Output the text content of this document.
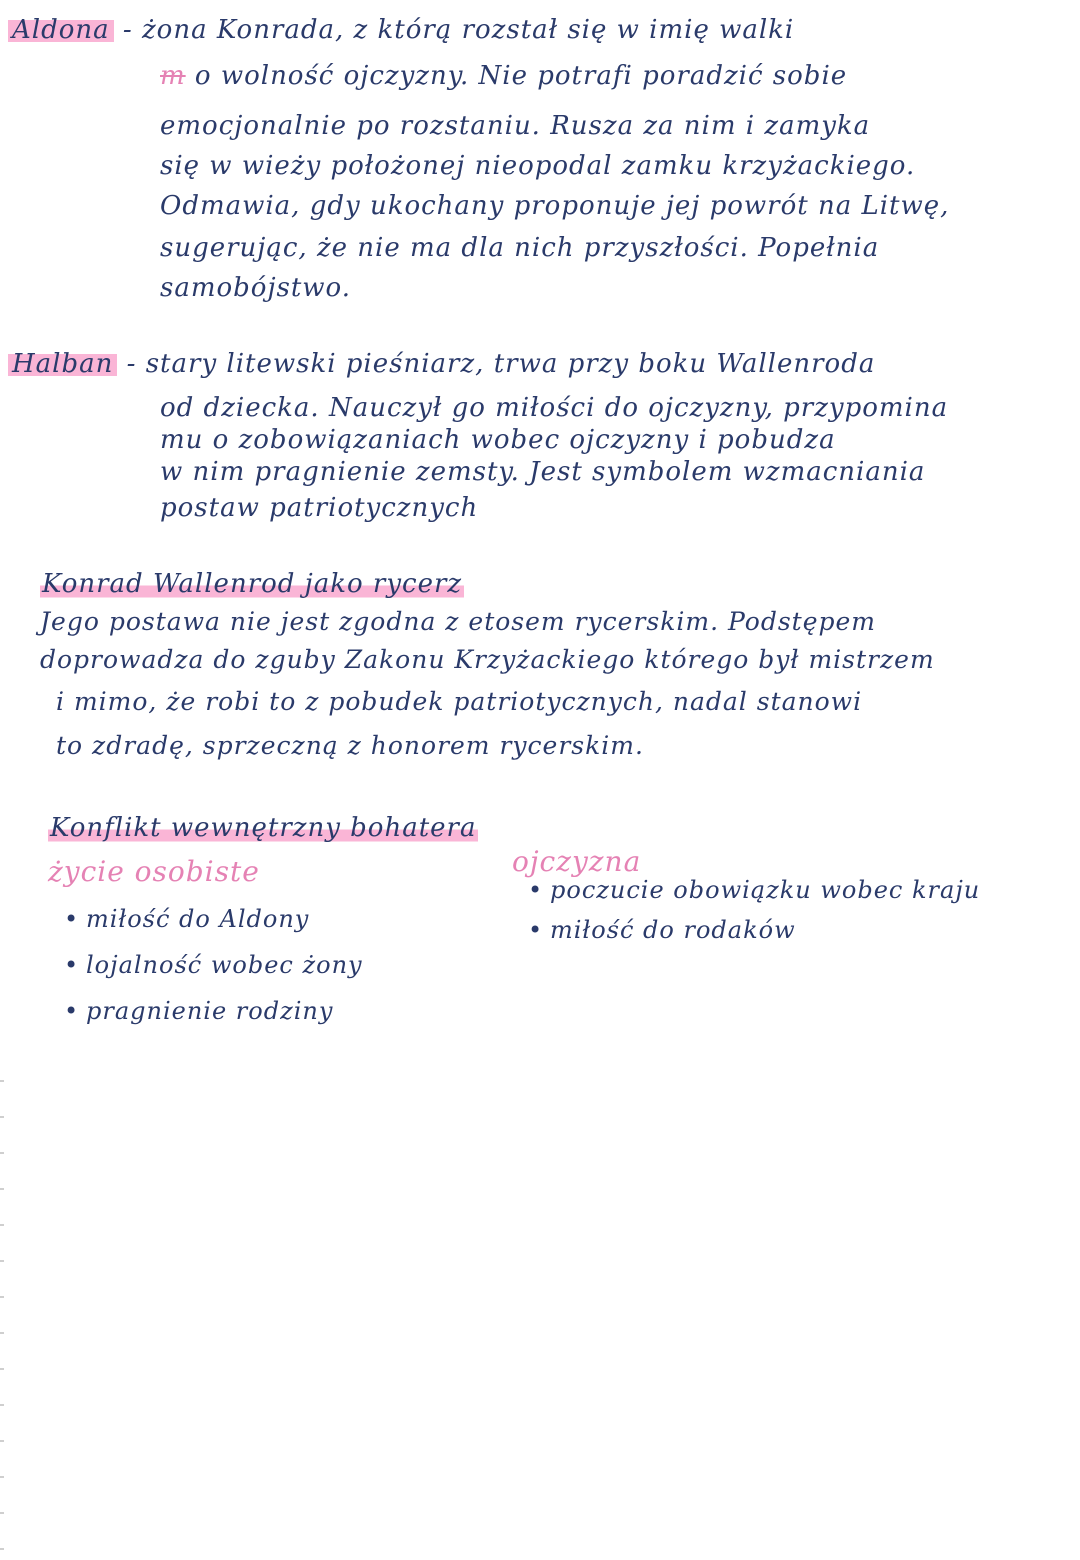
Aldona - żona Konrada, z którą rozstał się w imię walki
m o wolność ojczyzny. Nie potrafi poradzić sobie
emocjonalnie po rozstaniu. Rusza za nim i zamyka
się w wieży położonej nieopodal zamku krzyżackiego.
Odmawia, gdy ukochany proponuje jej powrót na Litwę,
sugerując, że nie ma dla nich przyszłości. Popełnia
samobójstwo.
Halban - stary litewski pieśniarz, trwa przy boku Wallenroda
od dziecka. Nauczył go miłości do ojczyzny, przypomina
mu o zobowiązaniach wobec ojczyzny i pobudza
w nim pragnienie zemsty. Jest symbolem wzmacniania
postaw patriotycznych
Konrad Wallenrod jako rycerz
Jego postawa nie jest zgodna z etosem rycerskim. Podstępem
doprowadza do zguby Zakonu Krzyżackiego którego był mistrzem
i mimo, że robi to z pobudek patriotycznych, nadal stanowi
to zdradę, sprzeczną z honorem rycerskim.
Konflikt wewnętrzny bohatera
życie osobiste
• miłość do Aldony
• lojalność wobec żony
• pragnienie rodziny
ojczyzna
• poczucie obowiązku wobec kraju
• miłość do rodaków
